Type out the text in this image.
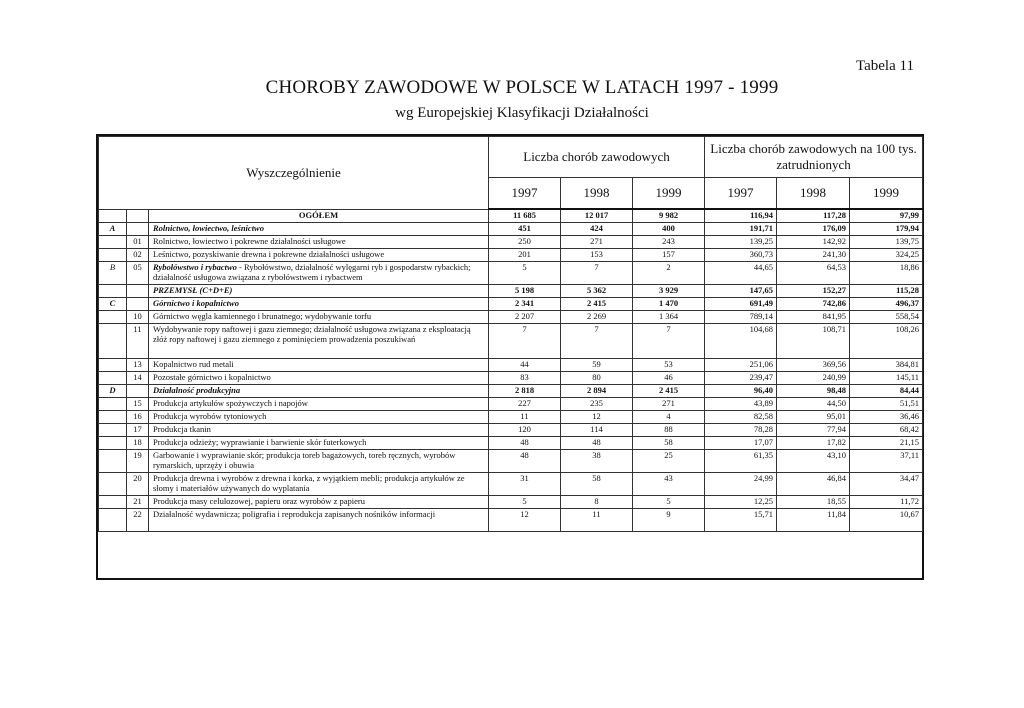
Tabela 11
CHOROBY ZAWODOWE W POLSCE W LATACH 1997 - 1999
wg Europejskiej Klasyfikacji Działalności
Wyszczególnienie			Liczba chorób zawodowych			Liczba chorób zawodowych na 100 tys. zatrudnionych		
			1997	1998	1999	1997	1998	1999
		OGÓŁEM	11 685	12 017	9 982	116,94	117,28	97,99
A		Rolnictwo, łowiectwo, leśnictwo	451	424	400	191,71	176,09	179,94
	01	Rolnictwo, łowiectwo i pokrewne działalności usługowe	250	271	243	139,25	142,92	139,75
	02	Leśnictwo, pozyskiwanie drewna i pokrewne działalności usługowe	201	153	157	360,73	241,30	324,25
B	05	Rybołówstwo i rybactwo - Rybołówstwo, działalność wylęgarni ryb i gospodarstw rybackich; działalność usługowa związana z rybołówstwem i rybactwem	5	7	2	44,65	64,53	18,86
		PRZEMYSŁ (C+D+E)	5 198	5 362	3 929	147,65	152,27	115,28
C		Górnictwo i kopalnictwo	2 341	2 415	1 470	691,49	742,86	496,37
	10	Górnictwo węgla kamiennego i brunatnego; wydobywanie torfu	2 207	2 269	1 364	789,14	841,95	558,54
	11	Wydobywanie ropy naftowej i gazu ziemnego; działalność usługowa związana z eksploatacją złóż ropy naftowej i gazu ziemnego z pominięciem prowadzenia poszukiwań	7	7	7	104,68	108,71	108,26
	13	Kopalnictwo rud metali	44	59	53	251,06	369,56	384,81
	14	Pozostałe górnictwo i kopalnictwo	83	80	46	239,47	240,99	145,11
D		Działalność produkcyjna	2 818	2 894	2 415	96,40	98,48	84,44
	15	Produkcja artykułów spożywczych i napojów	227	235	271	43,89	44,50	51,51
	16	Produkcja wyrobów tytoniowych	11	12	4	82,58	95,01	36,46
	17	Produkcja tkanin	120	114	88	78,28	77,94	68,42
	18	Produkcja odzieży; wyprawianie i barwienie skór futerkowych	48	48	58	17,07	17,82	21,15
	19	Garbowanie i wyprawianie skór; produkcja toreb bagażowych, toreb ręcznych, wyrobów rymarskich, uprzęży i obuwia	48	38	25	61,35	43,10	37,11
	20	Produkcja drewna i wyrobów z drewna i korka, z wyjątkiem mebli; produkcja artykułów ze słomy i materiałów używanych do wyplatania	31	58	43	24,99	46,84	34,47
	21	Produkcja masy celulozowej, papieru oraz wyrobów z papieru	5	8	5	12,25	18,55	11,72
	22	Działalność wydawnicza; poligrafia i reprodukcja zapisanych nośników informacji	12	11	9	15,71	11,84	10,67
